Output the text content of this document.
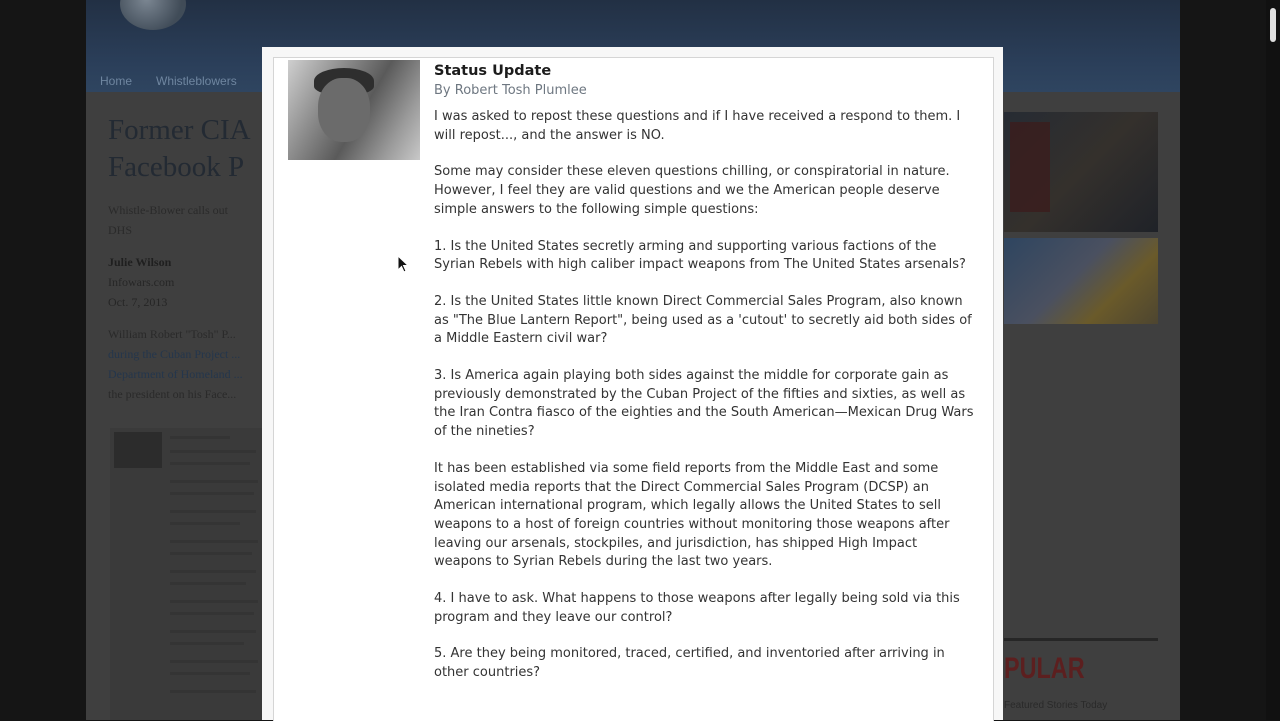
Home Whistleblowers
Former CIA
Facebook P
Whistle-Blower calls out
DHS
Julie Wilson
Infowars.com
Oct. 7, 2013
William Robert "Tosh" P...
during the Cuban Project ...
Department of Homeland ...
the president on his Face...
PULAR
Featured Stories Today
Status Update
By Robert Tosh Plumlee

I was asked to repost these questions and if I have received a respond to them. I will repost..., and the answer is NO.

Some may consider these eleven questions chilling, or conspiratorial in nature. However, I feel they are valid questions and we the American people deserve simple answers to the following simple questions:

1. Is the United States secretly arming and supporting various factions of the Syrian Rebels with high caliber impact weapons from The United States arsenals?

2. Is the United States little known Direct Commercial Sales Program, also known as "The Blue Lantern Report", being used as a 'cutout' to secretly aid both sides of a Middle Eastern civil war?

3. Is America again playing both sides against the middle for corporate gain as previously demonstrated by the Cuban Project of the fifties and sixties, as well as the Iran Contra fiasco of the eighties and the South American—Mexican Drug Wars of the nineties?

It has been established via some field reports from the Middle East and some isolated media reports that the Direct Commercial Sales Program (DCSP) an American international program, which legally allows the United States to sell weapons to a host of foreign countries without monitoring those weapons after leaving our arsenals, stockpiles, and jurisdiction, has shipped High Impact weapons to Syrian Rebels during the last two years.

4. I have to ask. What happens to those weapons after legally being sold via this program and they leave our control?

5. Are they being monitored, traced, certified, and inventoried after arriving in other countries?
